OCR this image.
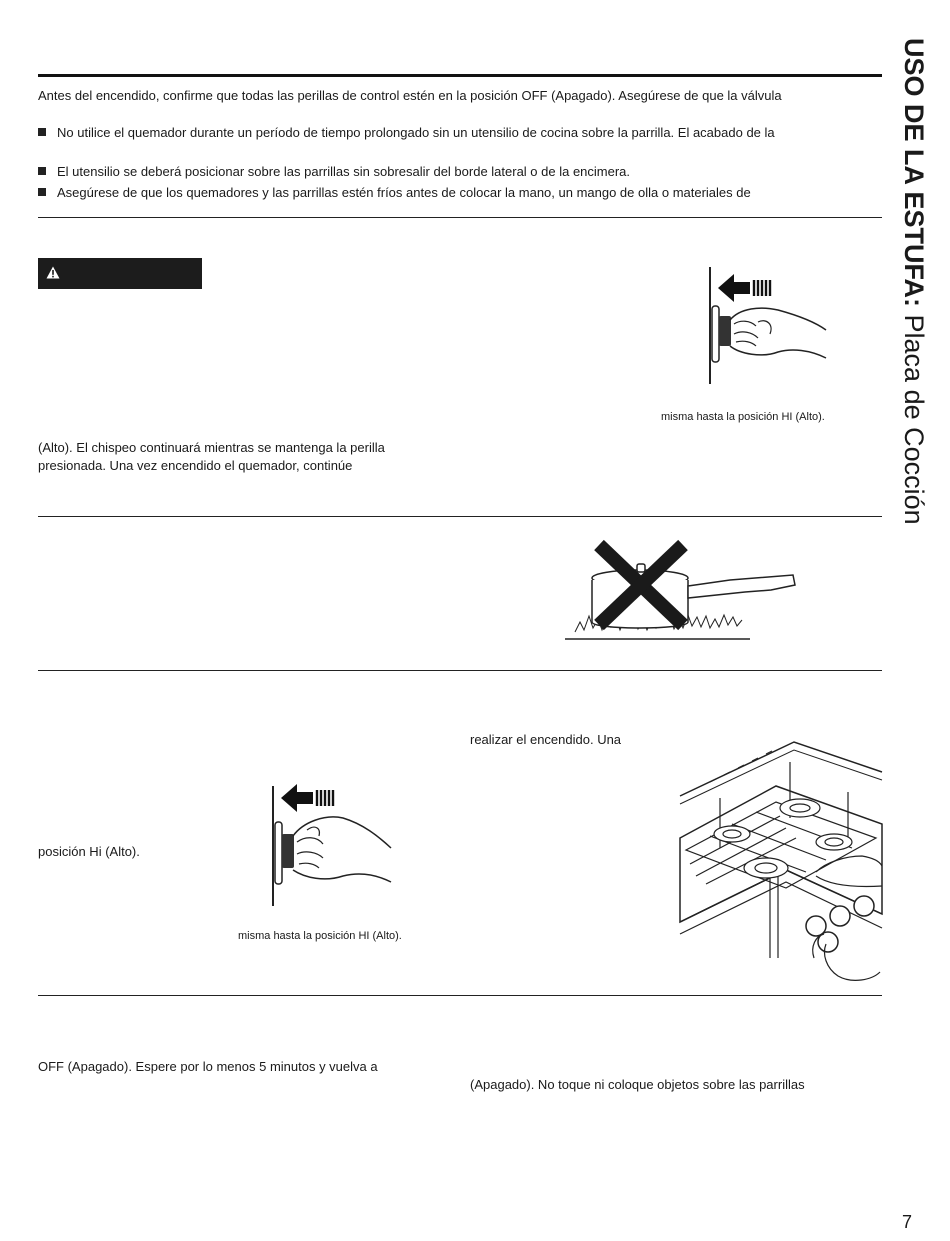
USO DE LA ESTUFA: Placa de Cocción
Antes del encendido, confirme que todas las perillas de control estén en la posición OFF (Apagado). Asegúrese de que la válvula
No utilice el quemador durante un período de tiempo prolongado sin un utensilio de cocina sobre la parrilla. El acabado de la
El utensilio se deberá posicionar sobre las parrillas sin sobresalir del borde lateral o de la encimera.
Asegúrese de que los quemadores y las parrillas estén fríos antes de colocar la mano, un mango de olla o materiales de
misma hasta la posición HI (Alto).
(Alto). El chispeo continuará mientras se mantenga la perilla
presionada. Una vez encendido el quemador, continúe
realizar el encendido. Una
posición Hi (Alto).
misma hasta la posición HI (Alto).
OFF (Apagado). Espere por lo menos 5 minutos y vuelva a
(Apagado). No toque ni coloque objetos sobre las parrillas
7
